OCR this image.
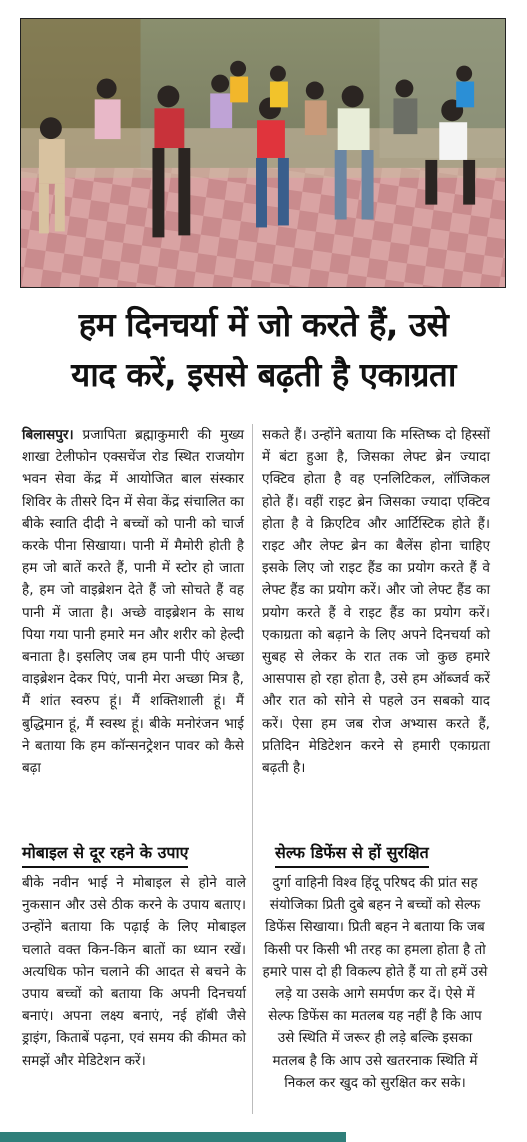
हम दिनचर्या में जो करते हैं, उसे
याद करें, इससे बढ़ती है एकाग्रता
बिलासपुर। प्रजापिता ब्रह्माकुमारी की मुख्य शाखा टेलीफोन एक्सचेंज रोड स्थित राजयोग भवन सेवा केंद्र में आयोजित बाल संस्कार शिविर के तीसरे दिन में सेवा केंद्र संचालित का बीके स्वाति दीदी ने बच्चों को पानी को चार्ज करके पीना सिखाया। पानी में मैमोरी होती है हम जो बातें करते हैं, पानी में स्टोर हो जाता है, हम जो वाइब्रेशन देते हैं जो सोचते हैं वह पानी में जाता है। अच्छे वाइब्रेशन के साथ पिया गया पानी हमारे मन और शरीर को हेल्दी बनाता है। इसलिए जब हम पानी पीएं अच्छा वाइब्रेशन देकर पिएं, पानी मेरा अच्छा मित्र है, मैं शांत स्वरुप हूं। मैं शक्तिशाली हूं। मैं बुद्धिमान हूं, मैं स्वस्थ हूं। बीके मनोरंजन भाई ने बताया कि हम कॉन्सनट्रेशन पावर को कैसे बढ़ा
सकते हैं। उन्होंने बताया कि मस्तिष्क दो हिस्सों में बंटा हुआ है, जिसका लेफ्ट ब्रेन ज्यादा एक्टिव होता है वह एनलिटिकल, लॉजिकल होते हैं। वहीं राइट ब्रेन जिसका ज्यादा एक्टिव होता है वे क्रिएटिव और आर्टिस्टिक होते हैं। राइट और लेफ्ट ब्रेन का बैलेंस होना चाहिए इसके लिए जो राइट हैंड का प्रयोग करते हैं वे लेफ्ट हैंड का प्रयोग करें। और जो लेफ्ट हैंड का प्रयोग करते हैं वे राइट हैंड का प्रयोग करें। एकाग्रता को बढ़ाने के लिए अपने दिनचर्या को सुबह से लेकर के रात तक जो कुछ हमारे आसपास हो रहा होता है, उसे हम ऑब्जर्व करें और रात को सोने से पहले उन सबको याद करें। ऐसा हम जब रोज अभ्यास करते हैं, प्रतिदिन मेडिटेशन करने से हमारी एकाग्रता बढ़ती है।
मोबाइल से दूर रहने के उपाए	सेल्फ डिफेंस से हों सुरक्षित
बीके नवीन भाई ने मोबाइल से होने वाले नुकसान और उसे ठीक करने के उपाय बताए। उन्होंने बताया कि पढ़ाई के लिए मोबाइल चलाते वक्त किन-किन बातों का ध्यान रखें। अत्यधिक फोन चलाने की आदत से बचने के उपाय बच्चों को बताया कि अपनी दिनचर्या बनाएं। अपना लक्ष्य बनाएं, नई हॉबी जैसे ड्राइंग, किताबें पढ़ना, एवं समय की कीमत को समझें और मेडिटेशन करें।
दुर्गा वाहिनी विश्व हिंदू परिषद की प्रांत सह संयोजिका प्रिती दुबे बहन ने बच्चों को सेल्फ डिफेंस सिखाया। प्रिती बहन ने बताया कि जब किसी पर किसी भी तरह का हमला होता है तो हमारे पास दो ही विकल्प होते हैं या तो हमें उसे लड़े या उसके आगे समर्पण कर दें। ऐसे में सेल्फ डिफेंस का मतलब यह नहीं है कि आप उसे स्थिति में जरूर ही लड़े बल्कि इसका मतलब है कि आप उसे खतरनाक स्थिति में निकल कर खुद को सुरक्षित कर सके।
